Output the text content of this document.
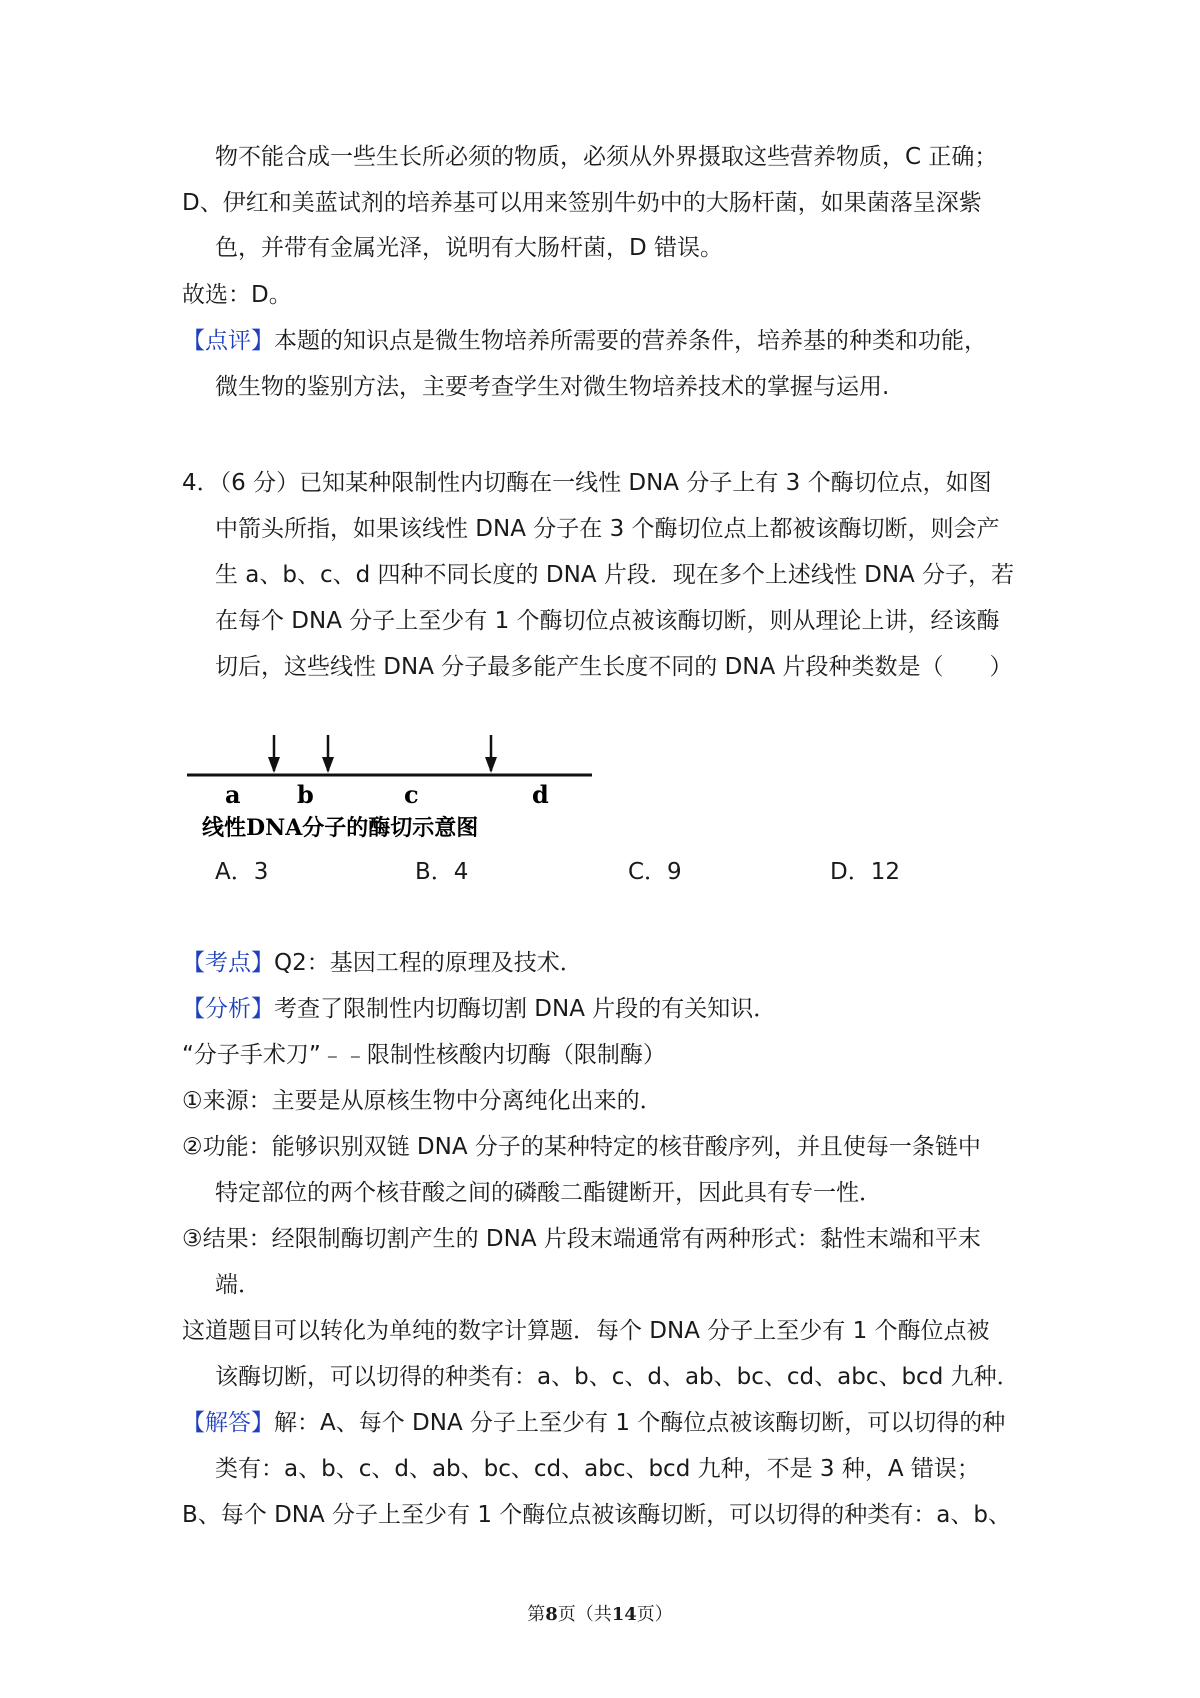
物不能合成一些生长所必须的物质，必须从外界摄取这些营养物质，C 正确；
D、伊红和美蓝试剂的培养基可以用来签别牛奶中的大肠杆菌，如果菌落呈深紫
色，并带有金属光泽，说明有大肠杆菌，D 错误。
故选：D。
【点评】本题的知识点是微生物培养所需要的营养条件，培养基的种类和功能，
微生物的鉴别方法，主要考查学生对微生物培养技术的掌握与运用.
4．（6 分）已知某种限制性内切酶在一线性 DNA 分子上有 3 个酶切位点，如图
中箭头所指，如果该线性 DNA 分子在 3 个酶切位点上都被该酶切断，则会产
生 a、b、c、d 四种不同长度的 DNA 片段．现在多个上述线性 DNA 分子，若
在每个 DNA 分子上至少有 1 个酶切位点被该酶切断，则从理论上讲，经该酶
切后，这些线性 DNA 分子最多能产生长度不同的 DNA 片段种类数是（　　）
a b	c	d
线性DNA分子的酶切示意图
A．3	B．4	C．9	D．12
【考点】Q2：基因工程的原理及技术．
【分析】考查了限制性内切酶切割 DNA 片段的有关知识．
“分子手术刀”﹣﹣限制性核酸内切酶（限制酶）
①来源：主要是从原核生物中分离纯化出来的．
②功能：能够识别双链 DNA 分子的某种特定的核苷酸序列，并且使每一条链中
特定部位的两个核苷酸之间的磷酸二酯键断开，因此具有专一性．
③结果：经限制酶切割产生的 DNA 片段末端通常有两种形式：黏性末端和平末
端．
这道题目可以转化为单纯的数字计算题．每个 DNA 分子上至少有 1 个酶位点被
该酶切断，可以切得的种类有：a、b、c、d、ab、bc、cd、abc、bcd 九种．
【解答】解：A、每个 DNA 分子上至少有 1 个酶位点被该酶切断，可以切得的种
类有：a、b、c、d、ab、bc、cd、abc、bcd 九种，不是 3 种，A 错误；
B、每个 DNA 分子上至少有 1 个酶位点被该酶切断，可以切得的种类有：a、b、
第8页（共14页）
